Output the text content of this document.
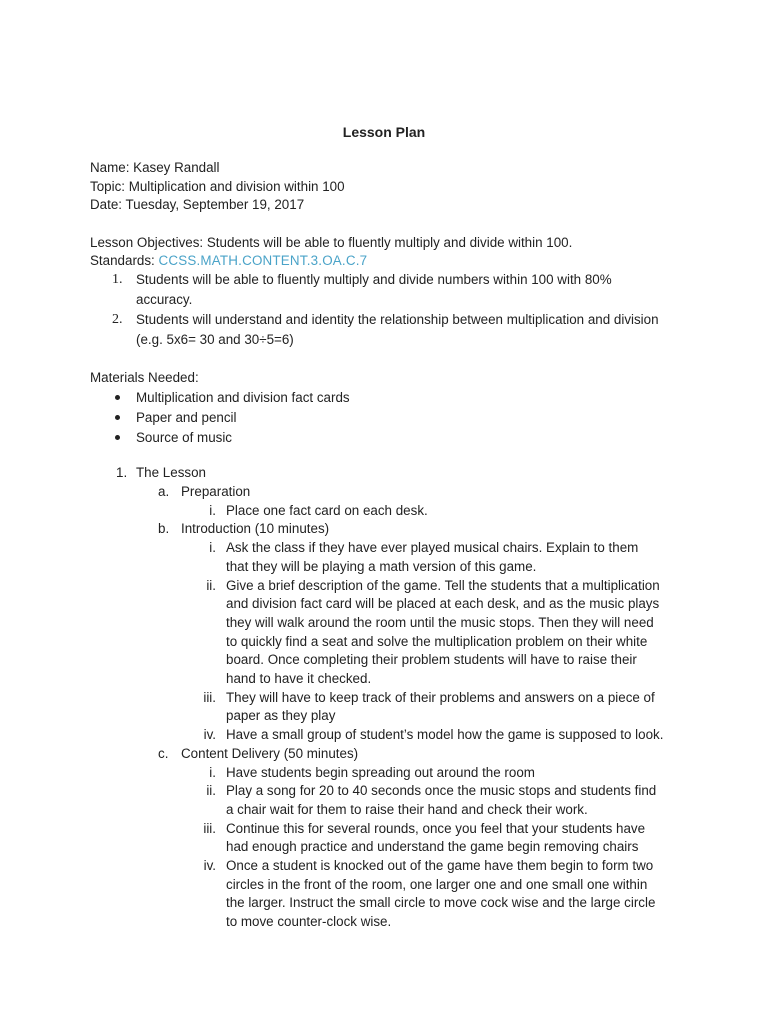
Lesson Plan
Name: Kasey Randall
Topic: Multiplication and division within 100
Date: Tuesday, September 19, 2017
Lesson Objectives: Students will be able to fluently multiply and divide within 100.
Standards: CCSS.MATH.CONTENT.3.OA.C.7
1. Students will be able to fluently multiply and divide numbers within 100 with 80%
accuracy.
2. Students will understand and identity the relationship between multiplication and division
(e.g. 5x6= 30 and 30÷5=6)
Materials Needed:
Multiplication and division fact cards
Paper and pencil
Source of music
1. The Lesson
a. Preparation
i. Place one fact card on each desk.
b. Introduction (10 minutes)
i. Ask the class if they have ever played musical chairs. Explain to them
that they will be playing a math version of this game.
ii. Give a brief description of the game. Tell the students that a multiplication
and division fact card will be placed at each desk, and as the music plays
they will walk around the room until the music stops. Then they will need
to quickly find a seat and solve the multiplication problem on their white
board. Once completing their problem students will have to raise their
hand to have it checked.
iii. They will have to keep track of their problems and answers on a piece of
paper as they play
iv. Have a small group of student’s model how the game is supposed to look.
c. Content Delivery (50 minutes)
i. Have students begin spreading out around the room
ii. Play a song for 20 to 40 seconds once the music stops and students find
a chair wait for them to raise their hand and check their work.
iii. Continue this for several rounds, once you feel that your students have
had enough practice and understand the game begin removing chairs
iv. Once a student is knocked out of the game have them begin to form two
circles in the front of the room, one larger one and one small one within
the larger. Instruct the small circle to move cock wise and the large circle
to move counter-clock wise.
